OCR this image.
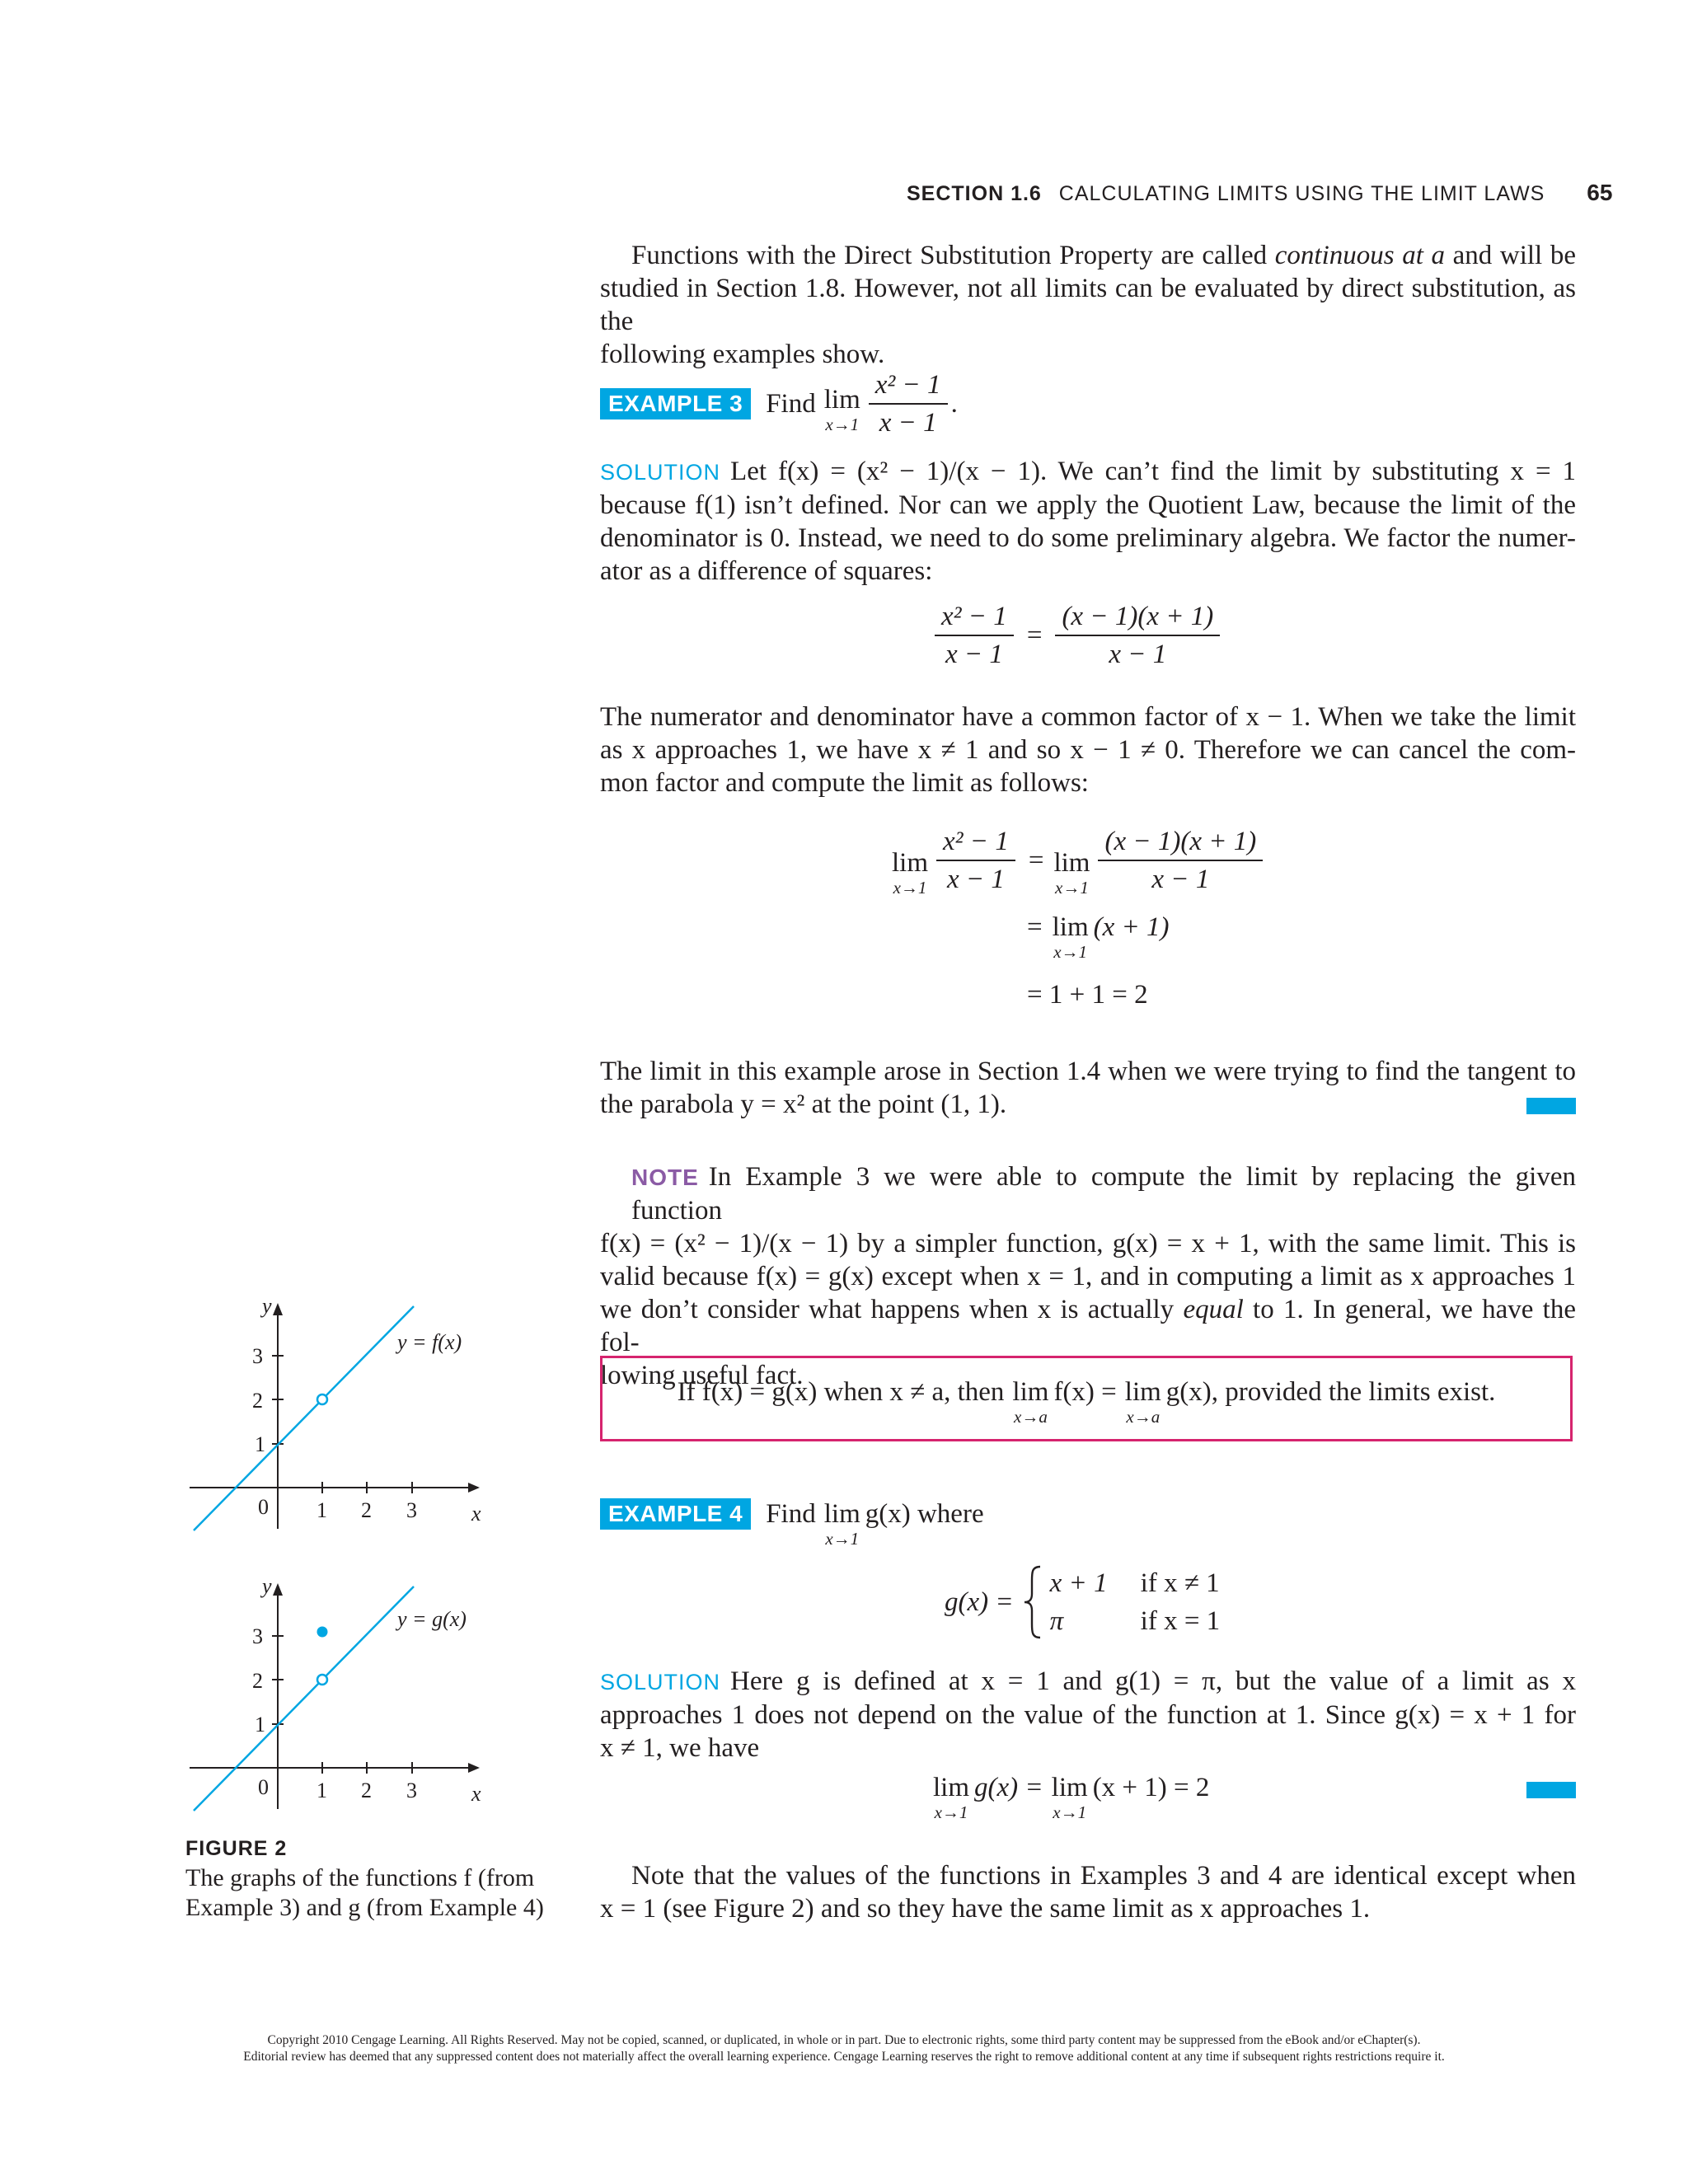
SECTION 1.6 CALCULATING LIMITS USING THE LIMIT LAWS 65
Functions with the Direct Substitution Property are called continuous at a and will be
studied in Section 1.8. However, not all limits can be evaluated by direct substitution, as the
following examples show.
EXAMPLE 3 Find lim
$x\to 1 \frac{\text{x² − 1}}{x - 1}$ .
SOLUTION Let f(x) = (x² − 1)/(x − 1). We can’t find the limit by substituting x = 1
because f(1) isn’t defined. Nor can we apply the Quotient Law, because the limit of the
denominator is 0. Instead, we need to do some preliminary algebra. We factor the numer-
ator as a difference of squares:
$\frac{\text{x² − 1}}{x - 1} = \frac{(x - 1)(x + 1)}{x - 1}$
The numerator and denominator have a common factor of x − 1. When we take the limit
as x approaches 1, we have x ≠ 1 and so x − 1 ≠ 0. Therefore we can cancel the com-
mon factor and compute the limit as follows:
lim
$x\to 1 \frac{\text{x² − 1}}{x - 1} = \lim$
$x\to 1 \frac{(x - 1)(x + 1)}{x - 1}$
= lim
x→1
(x + 1)
= 1 + 1 = 2
The limit in this example arose in Section 1.4 when we were trying to find the tangent to
the parabola y = x² at the point (1, 1).
NOTE In Example 3 we were able to compute the limit by replacing the given function
f(x) = (x² − 1)/(x − 1) by a simpler function, g(x) = x + 1, with the same limit. This is
valid because f(x) = g(x) except when x = 1, and in computing a limit as x approaches 1
we don’t consider what happens when x is actually equal to 1. In general, we have the fol-
lowing useful fact.
If f(x) = g(x) when x ≠ a, then lim
x→a
f(x) = lim
x→a
g(x), provided the limits exist.
EXAMPLE 4 Find lim
x→1
g(x) where
g(x) =
x + 1 if x ≠ 1
π	if x = 1
SOLUTION Here g is defined at x = 1 and g(1) = π, but the value of a limit as x
approaches 1 does not depend on the value of the function at 1. Since g(x) = x + 1 for
x ≠ 1, we have
lim
x→1
g(x) = lim
x→1
(x + 1) = 2
Note that the values of the functions in Examples 3 and 4 are identical except when
x = 1 (see Figure 2) and so they have the same limit as x approaches 1.
y
x
0 1 2 3
1
2
3
y = f(x)
y
x
0 1 2 3
1
2
3
y = g(x)
FIGURE 2
The graphs of the functions f (from
Example 3) and g (from Example 4)
Copyright 2010 Cengage Learning. All Rights Reserved. May not be copied, scanned, or duplicated, in whole or in part. Due to electronic rights, some third party content may be suppressed from the eBook and/or eChapter(s).
Editorial review has deemed that any suppressed content does not materially affect the overall learning experience. Cengage Learning reserves the right to remove additional content at any time if subsequent rights restrictions require it.
